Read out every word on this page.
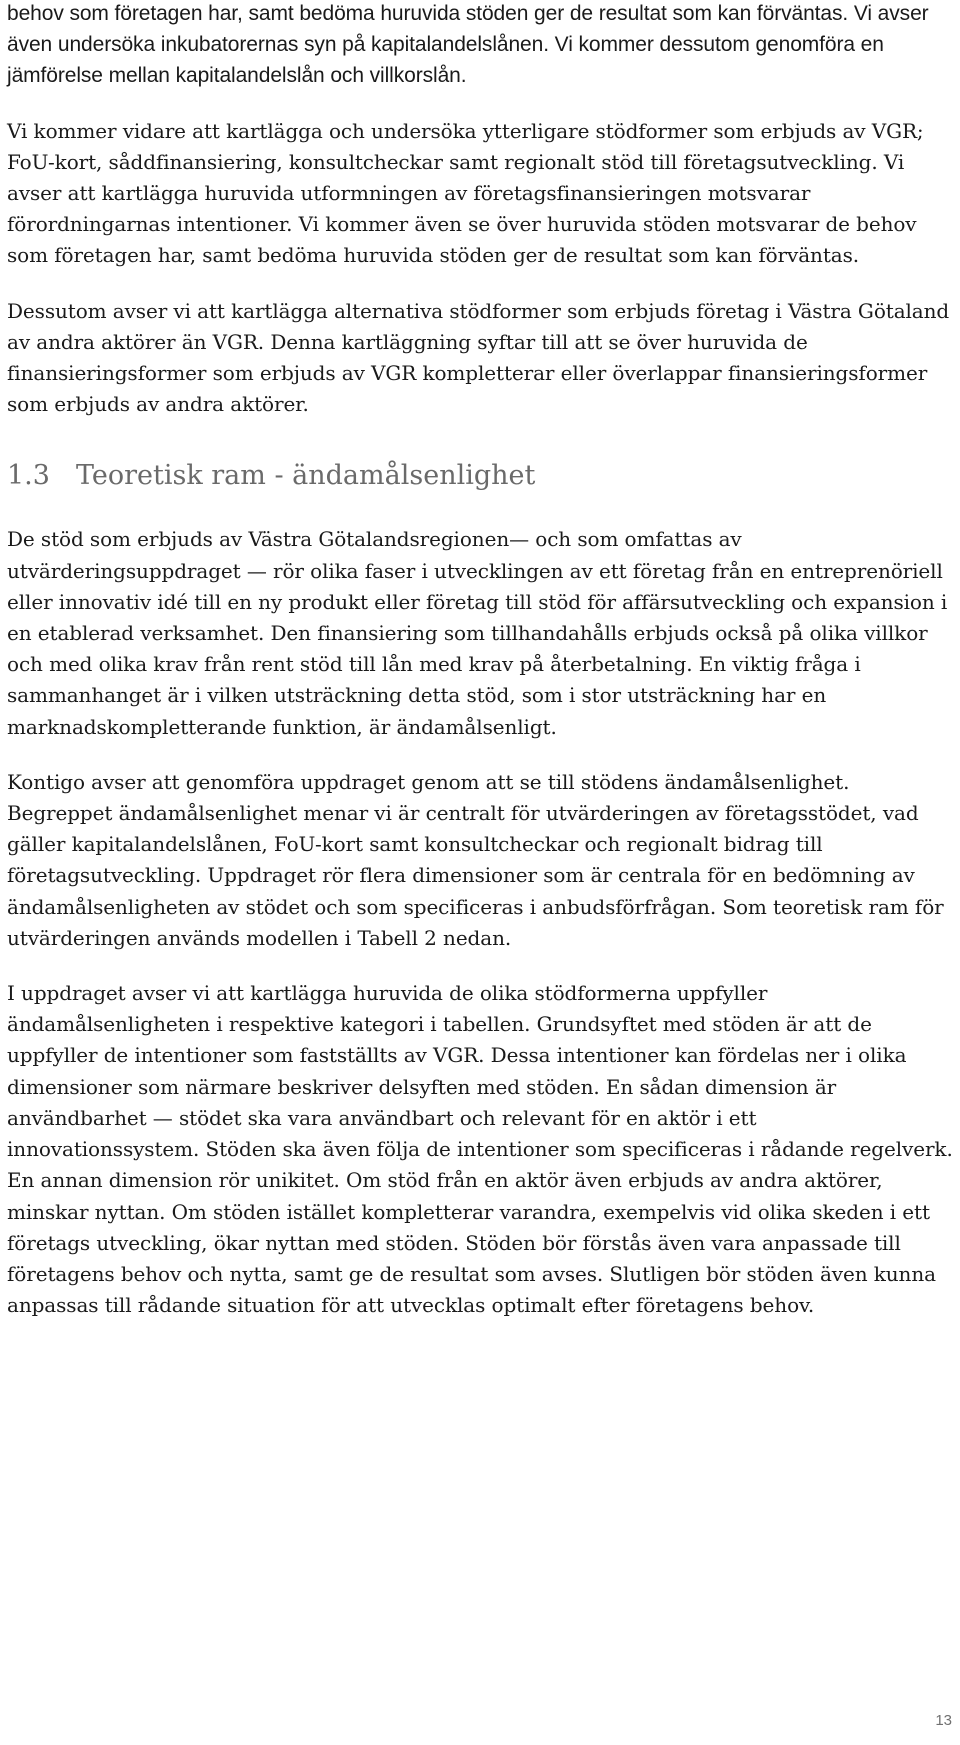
behov som företagen har, samt bedöma huruvida stöden ger de resultat som kan förväntas. Vi avser även undersöka inkubatorernas syn på kapitalandelslånen. Vi kommer dessutom genomföra en jämförelse mellan kapitalandelslån och villkorslån.

Vi kommer vidare att kartlägga och undersöka ytterligare stödformer som erbjuds av VGR; FoU-kort, såddfinansiering, konsultcheckar samt regionalt stöd till företagsutveckling. Vi avser att kartlägga huruvida utformningen av företagsfinansieringen motsvarar förordningarnas intentioner. Vi kommer även se över huruvida stöden motsvarar de behov som företagen har, samt bedöma huruvida stöden ger de resultat som kan förväntas.

Dessutom avser vi att kartlägga alternativa stödformer som erbjuds företag i Västra Götaland av andra aktörer än VGR. Denna kartläggning syftar till att se över huruvida de finansieringsformer som erbjuds av VGR kompletterar eller överlappar finansieringsformer som erbjuds av andra aktörer.

1.3 Teoretisk ram - ändamålsenlighet

De stöd som erbjuds av Västra Götalandsregionen— och som omfattas av utvärderingsuppdraget — rör olika faser i utvecklingen av ett företag från en entreprenöriell eller innovativ idé till en ny produkt eller företag till stöd för affärsutveckling och expansion i en etablerad verksamhet. Den finansiering som tillhandahålls erbjuds också på olika villkor och med olika krav från rent stöd till lån med krav på återbetalning. En viktig fråga i sammanhanget är i vilken utsträckning detta stöd, som i stor utsträckning har en marknadskompletterande funktion, är ändamålsenligt.

Kontigo avser att genomföra uppdraget genom att se till stödens ändamålsenlighet. Begreppet ändamålsenlighet menar vi är centralt för utvärderingen av företagsstödet, vad gäller kapitalandelslånen, FoU-kort samt konsultcheckar och regionalt bidrag till företagsutveckling. Uppdraget rör flera dimensioner som är centrala för en bedömning av ändamålsenligheten av stödet och som specificeras i anbudsförfrågan. Som teoretisk ram för utvärderingen används modellen i Tabell 2 nedan.

I uppdraget avser vi att kartlägga huruvida de olika stödformerna uppfyller ändamålsenligheten i respektive kategori i tabellen. Grundsyftet med stöden är att de uppfyller de intentioner som fastställts av VGR. Dessa intentioner kan fördelas ner i olika dimensioner som närmare beskriver delsyften med stöden. En sådan dimension är användbarhet — stödet ska vara användbart och relevant för en aktör i ett innovationssystem. Stöden ska även följa de intentioner som specificeras i rådande regelverk. En annan dimension rör unikitet. Om stöd från en aktör även erbjuds av andra aktörer, minskar nyttan. Om stöden istället kompletterar varandra, exempelvis vid olika skeden i ett företags utveckling, ökar nyttan med stöden. Stöden bör förstås även vara anpassade till företagens behov och nytta, samt ge de resultat som avses. Slutligen bör stöden även kunna anpassas till rådande situation för att utvecklas optimalt efter företagens behov.

13
